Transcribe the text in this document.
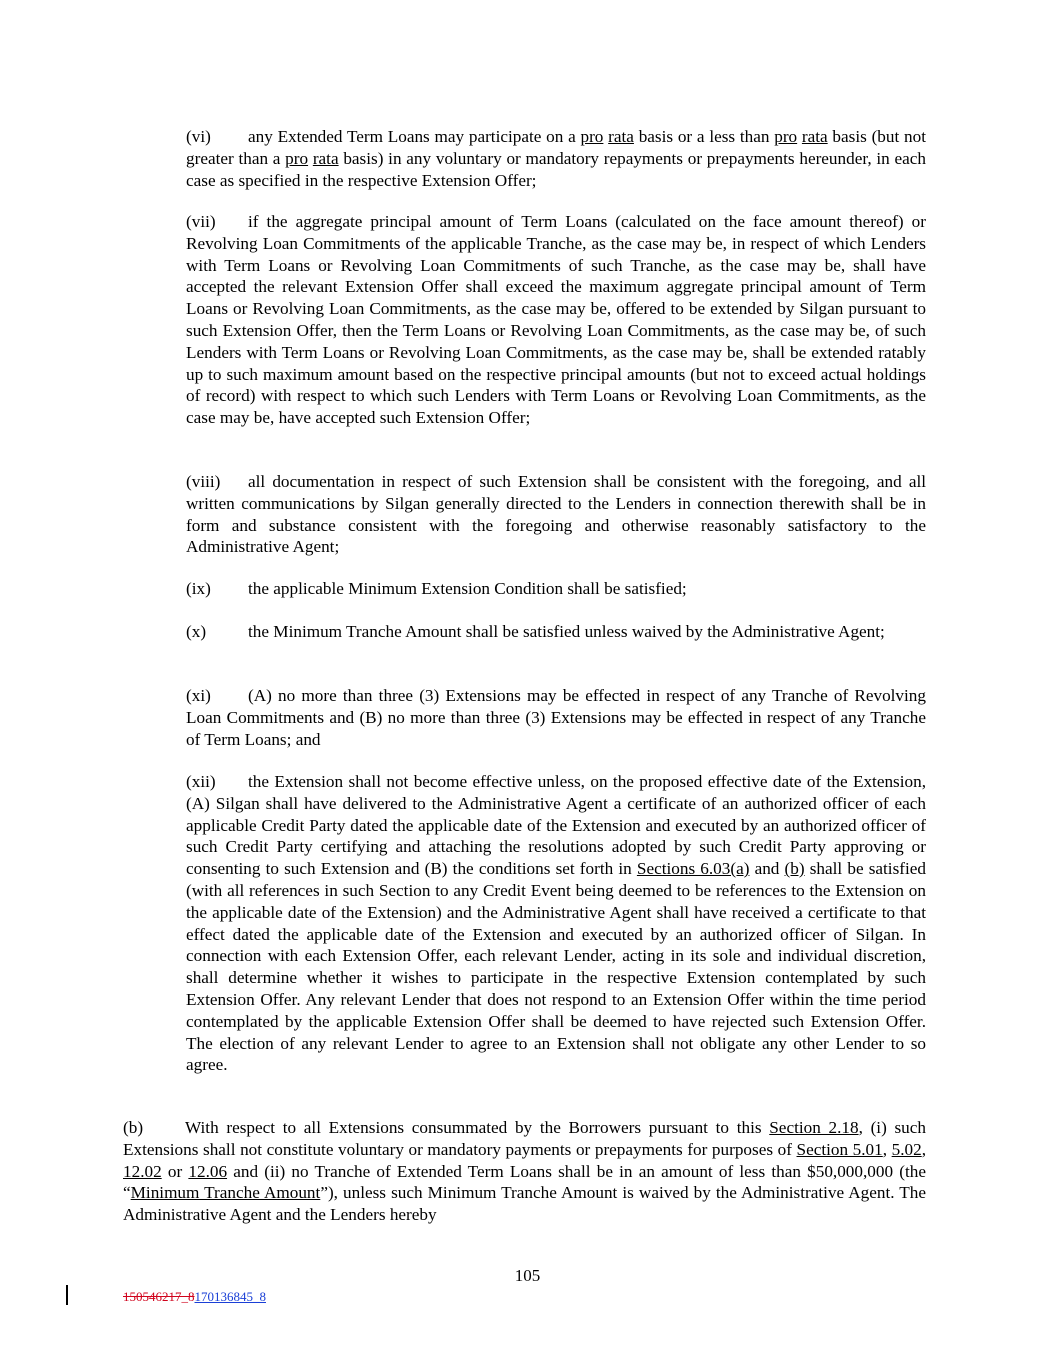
(vi) any Extended Term Loans may participate on a pro rata basis or a less than pro rata basis (but not greater than a pro rata basis) in any voluntary or mandatory repayments or prepayments hereunder, in each case as specified in the respective Extension Offer;

(vii) if the aggregate principal amount of Term Loans (calculated on the face amount thereof) or Revolving Loan Commitments of the applicable Tranche, as the case may be, in respect of which Lenders with Term Loans or Revolving Loan Commitments of such Tranche, as the case may be, shall have accepted the relevant Extension Offer shall exceed the maximum aggregate principal amount of Term Loans or Revolving Loan Commitments, as the case may be, offered to be extended by Silgan pursuant to such Extension Offer, then the Term Loans or Revolving Loan Commitments, as the case may be, of such Lenders with Term Loans or Revolving Loan Commitments, as the case may be, shall be extended ratably up to such maximum amount based on the respective principal amounts (but not to exceed actual holdings of record) with respect to which such Lenders with Term Loans or Revolving Loan Commitments, as the case may be, have accepted such Extension Offer;

(viii) all documentation in respect of such Extension shall be consistent with the foregoing, and all written communications by Silgan generally directed to the Lenders in connection therewith shall be in form and substance consistent with the foregoing and otherwise reasonably satisfactory to the Administrative Agent;

(ix) the applicable Minimum Extension Condition shall be satisfied;

(x) the Minimum Tranche Amount shall be satisfied unless waived by the Administrative Agent;

(xi) (A) no more than three (3) Extensions may be effected in respect of any Tranche of Revolving Loan Commitments and (B) no more than three (3) Extensions may be effected in respect of any Tranche of Term Loans; and

(xii) the Extension shall not become effective unless, on the proposed effective date of the Extension, (A) Silgan shall have delivered to the Administrative Agent a certificate of an authorized officer of each applicable Credit Party dated the applicable date of the Extension and executed by an authorized officer of such Credit Party certifying and attaching the resolutions adopted by such Credit Party approving or consenting to such Extension and (B) the conditions set forth in Sections 6.03(a) and (b) shall be satisfied (with all references in such Section to any Credit Event being deemed to be references to the Extension on the applicable date of the Extension) and the Administrative Agent shall have received a certificate to that effect dated the applicable date of the Extension and executed by an authorized officer of Silgan. In connection with each Extension Offer, each relevant Lender, acting in its sole and individual discretion, shall determine whether it wishes to participate in the respective Extension contemplated by such Extension Offer. Any relevant Lender that does not respond to an Extension Offer within the time period contemplated by the applicable Extension Offer shall be deemed to have rejected such Extension Offer. The election of any relevant Lender to agree to an Extension shall not obligate any other Lender to so agree.

(b) With respect to all Extensions consummated by the Borrowers pursuant to this Section 2.18, (i) such Extensions shall not constitute voluntary or mandatory payments or prepayments for purposes of Section 5.01, 5.02, 12.02 or 12.06 and (ii) no Tranche of Extended Term Loans shall be in an amount of less than $50,000,000 (the “Minimum Tranche Amount”), unless such Minimum Tranche Amount is waived by the Administrative Agent. The Administrative Agent and the Lenders hereby

105
150546217_8170136845_8
